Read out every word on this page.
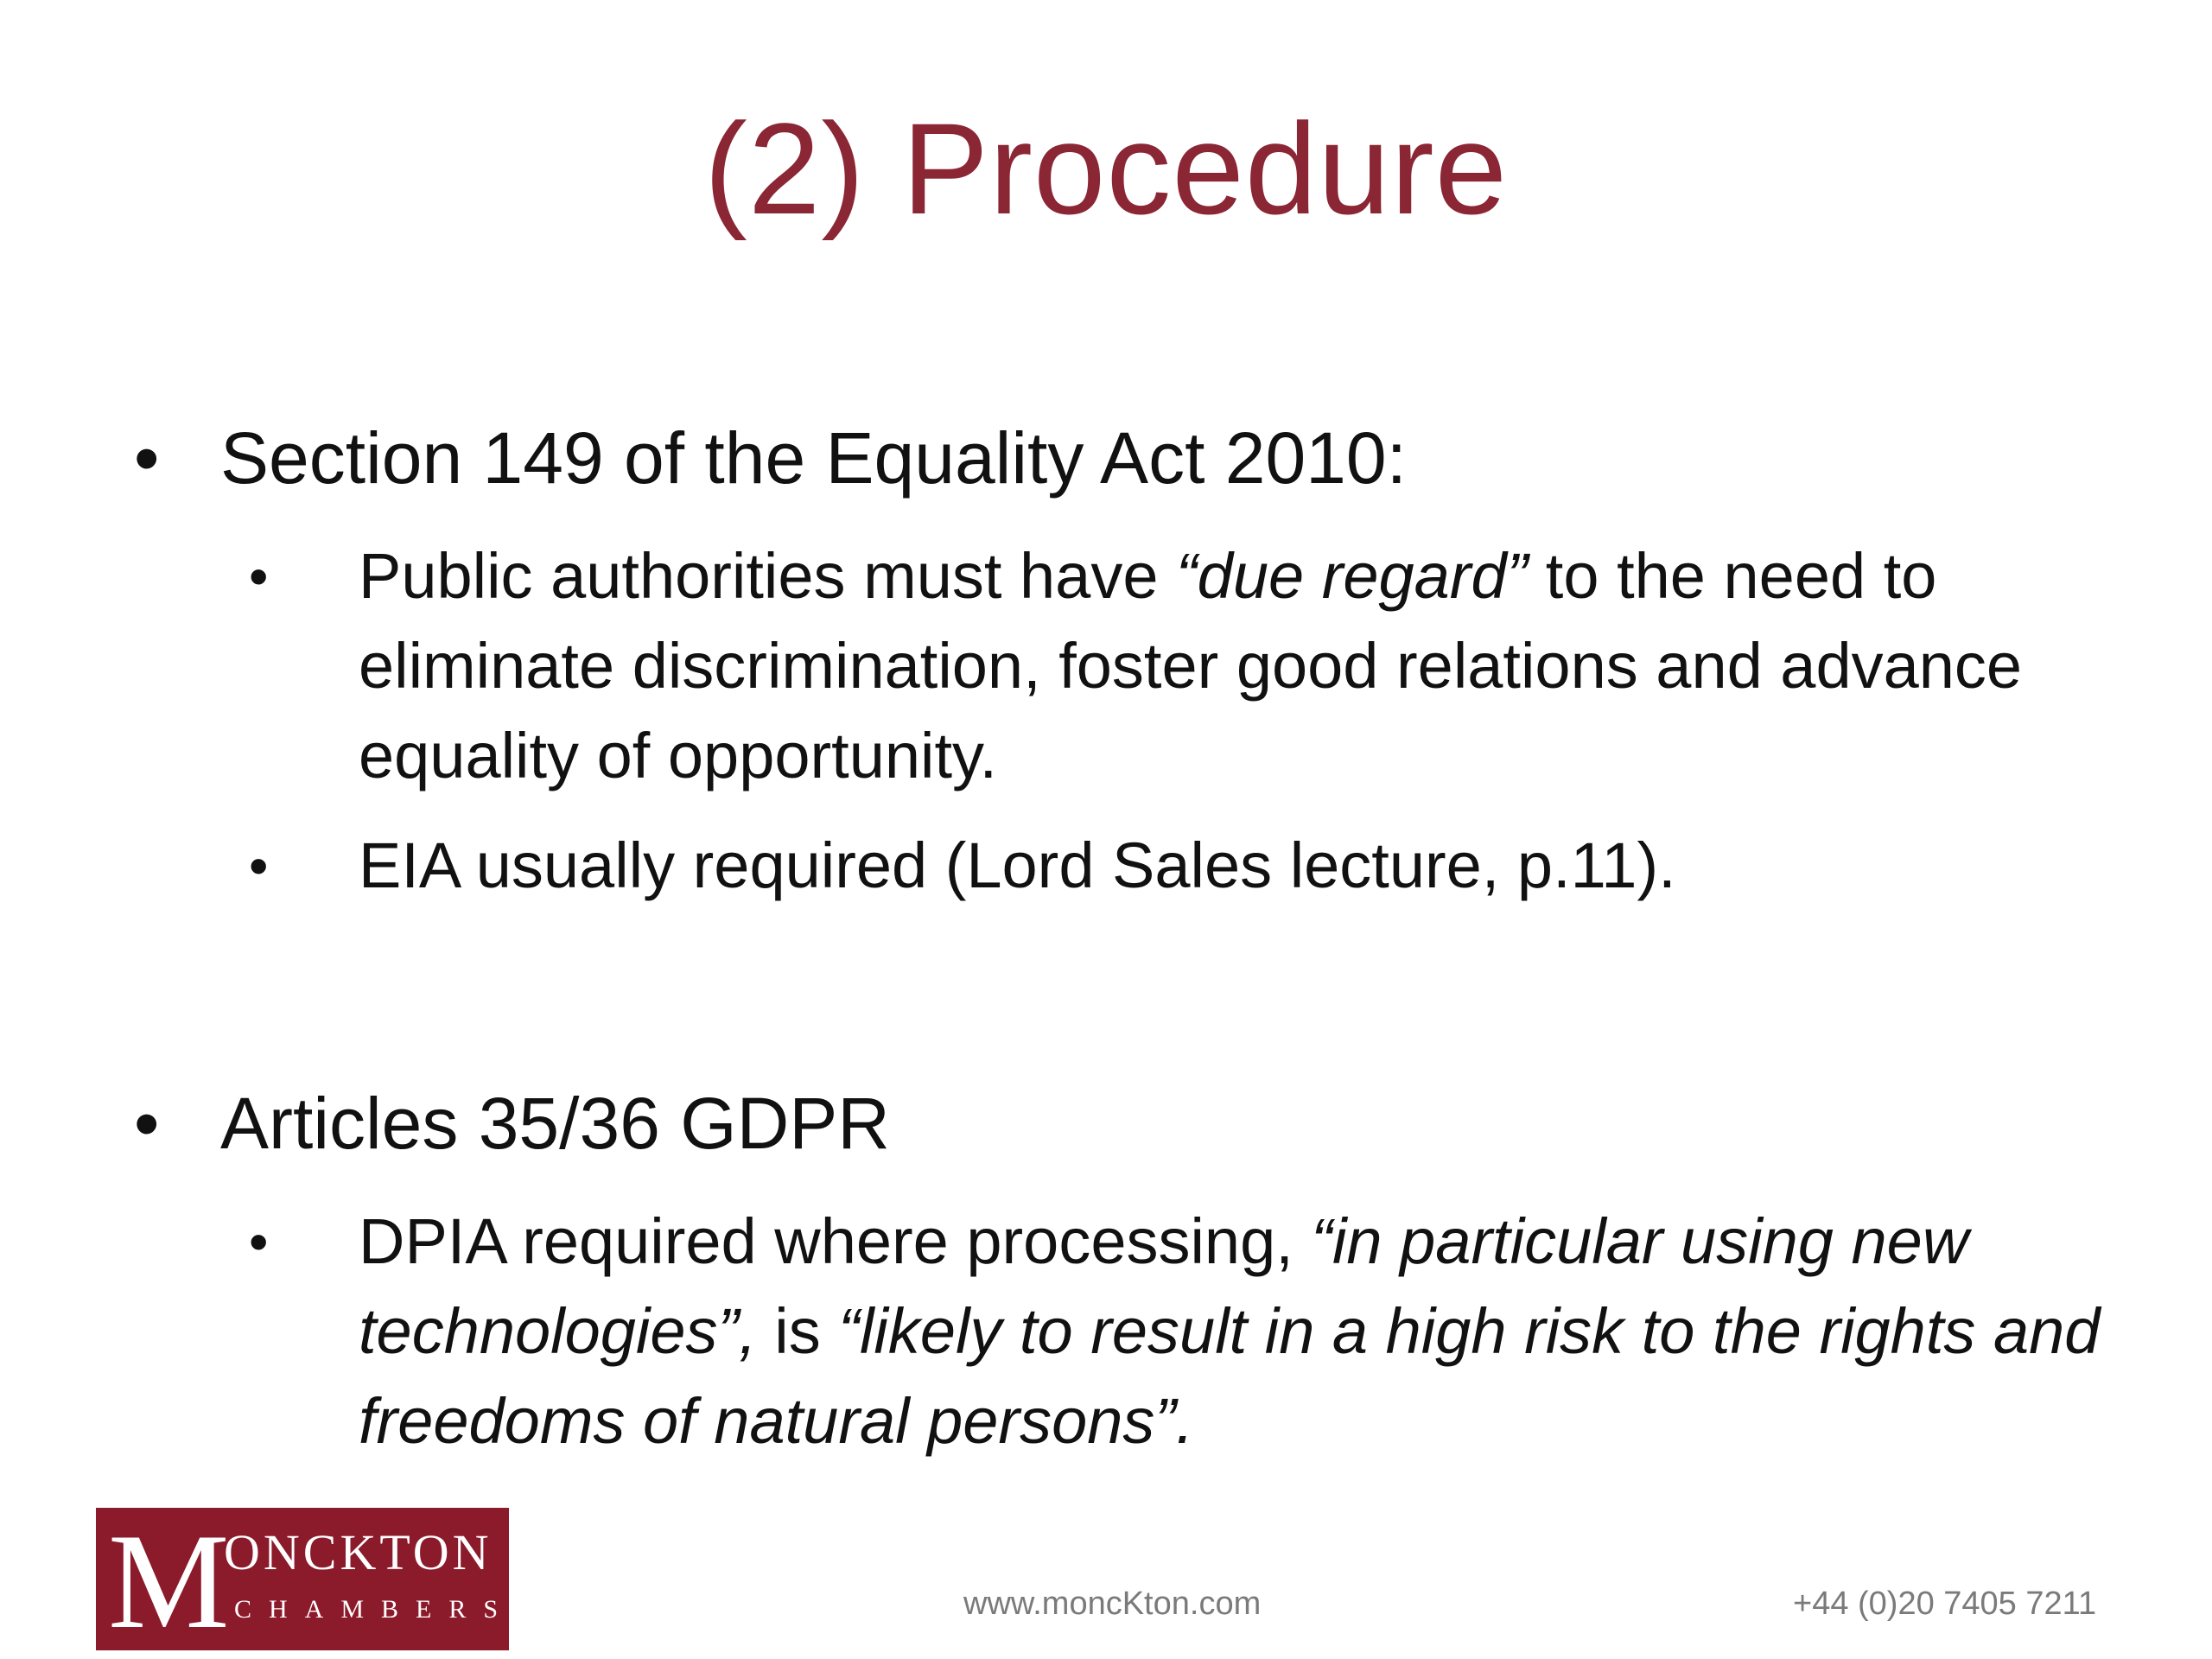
(2) Procedure
• Section 149 of the Equality Act 2010:
• Public authorities must have “due regard” to the need to eliminate discrimination, foster good relations and advance equality of opportunity.
• EIA usually required (Lord Sales lecture, p.11).
• Articles 35/36 GDPR
• DPIA required where processing, “in particular using new technologies”, is “likely to result in a high risk to the rights and freedoms of natural persons”.
M
ONCKTON
CHAMBERS	www.moncKton.com	+44 (0)20 7405 7211
